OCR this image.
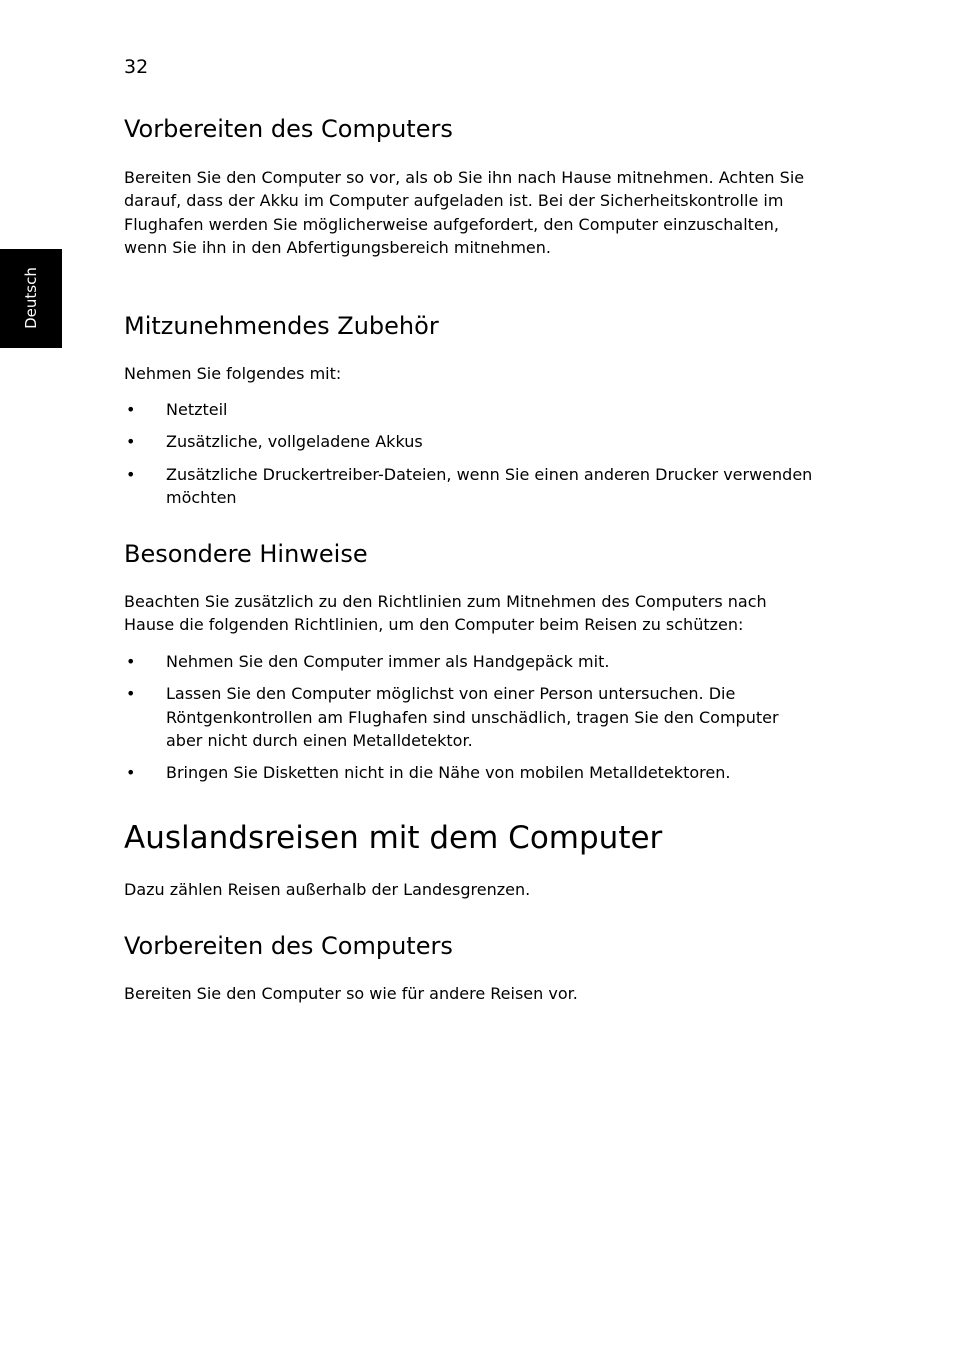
32
Deutsch
Vorbereiten des Computers

Bereiten Sie den Computer so vor, als ob Sie ihn nach Hause mitnehmen. Achten Sie darauf, dass der Akku im Computer aufgeladen ist. Bei der Sicherheitskontrolle im Flughafen werden Sie möglicherweise aufgefordert, den Computer einzuschalten, wenn Sie ihn in den Abfertigungsbereich mitnehmen.

Mitzunehmendes Zubehör

Nehmen Sie folgendes mit:

• Netzteil
• Zusätzliche, vollgeladene Akkus
• Zusätzliche Druckertreiber-Dateien, wenn Sie einen anderen Drucker verwenden möchten
Besondere Hinweise

Beachten Sie zusätzlich zu den Richtlinien zum Mitnehmen des Computers nach Hause die folgenden Richtlinien, um den Computer beim Reisen zu schützen:

• Nehmen Sie den Computer immer als Handgepäck mit.
• Lassen Sie den Computer möglichst von einer Person untersuchen. Die Röntgenkontrollen am Flughafen sind unschädlich, tragen Sie den Computer aber nicht durch einen Metalldetektor.
• Bringen Sie Disketten nicht in die Nähe von mobilen Metalldetektoren.
Auslandsreisen mit dem Computer

Dazu zählen Reisen außerhalb der Landesgrenzen.

Vorbereiten des Computers

Bereiten Sie den Computer so wie für andere Reisen vor.
